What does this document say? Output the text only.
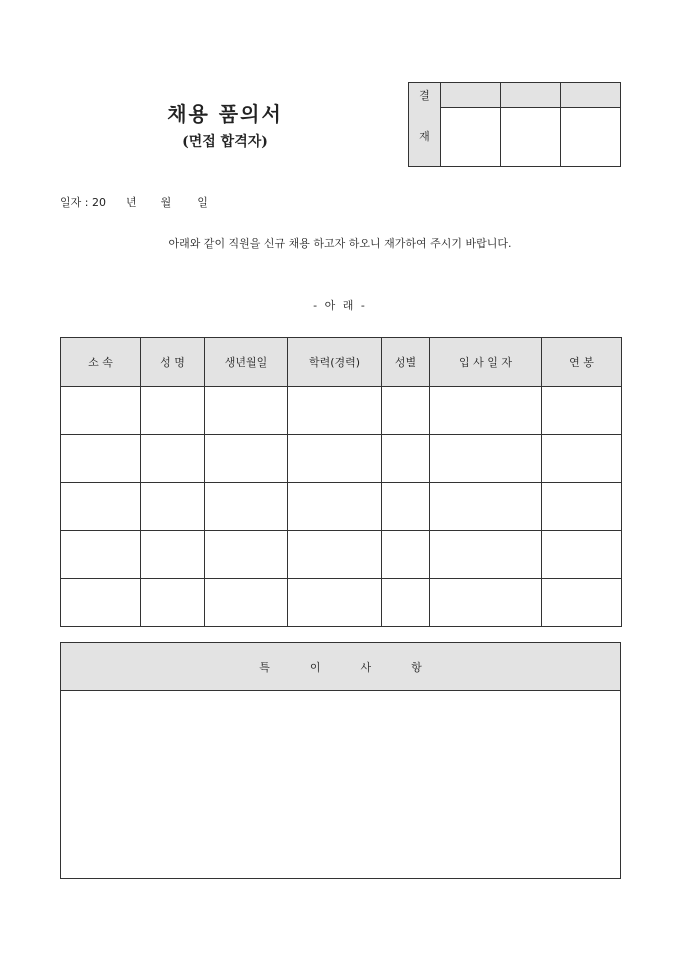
채용 품의서
(면접 합격자)
결
재			

일자 : 20 년 월 일
아래와 같이 직원을 신규 채용 하고자 하오니 재가하여 주시기 바랍니다.
- 아 래 -
소 속	성 명	생년월일	학력(경력)	성별	입 사 일 자	연 봉

특이사항
